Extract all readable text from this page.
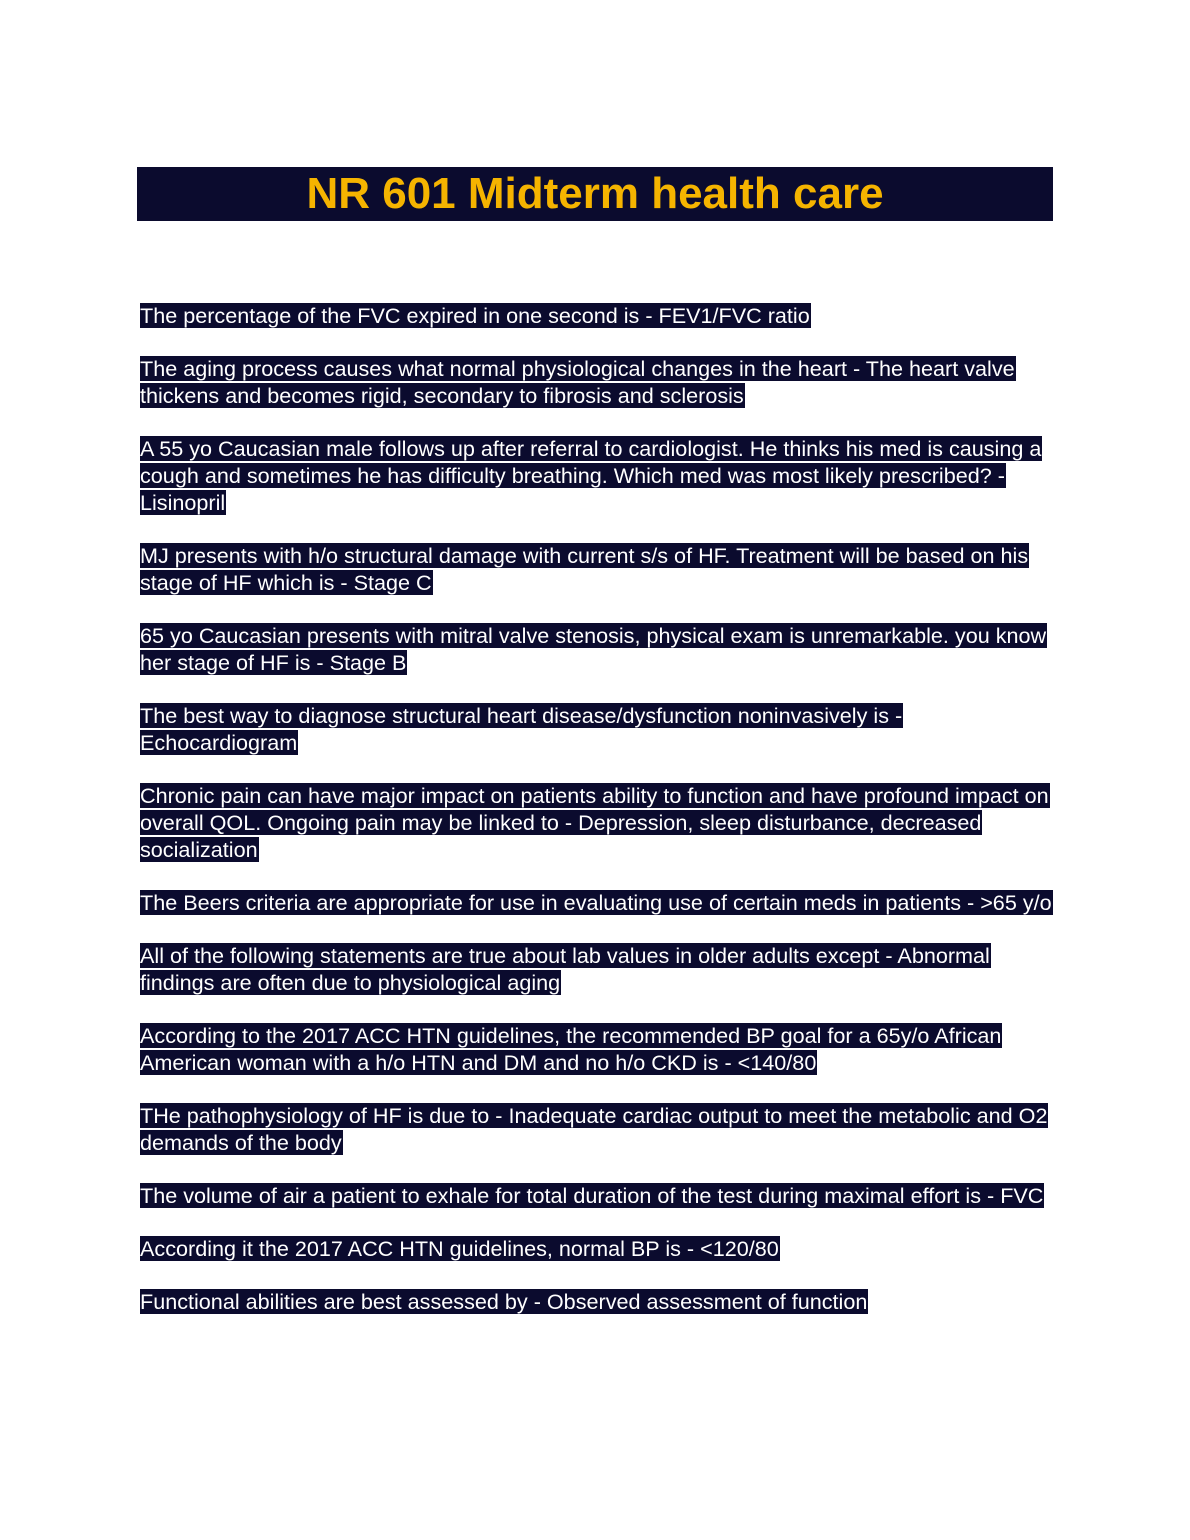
NR 601 Midterm health care

The percentage of the FVC expired in one second is - FEV1/FVC ratio

The aging process causes what normal physiological changes in the heart - The heart valve thickens and becomes rigid, secondary to fibrosis and sclerosis

A 55 yo Caucasian male follows up after referral to cardiologist. He thinks his med is causing a cough and sometimes he has difficulty breathing. Which med was most likely prescribed? - Lisinopril

MJ presents with h/o structural damage with current s/s of HF. Treatment will be based on his stage of HF which is - Stage C

65 yo Caucasian presents with mitral valve stenosis, physical exam is unremarkable. you know her stage of HF is - Stage B

The best way to diagnose structural heart disease/dysfunction noninvasively is - Echocardiogram

Chronic pain can have major impact on patients ability to function and have profound impact on overall QOL. Ongoing pain may be linked to - Depression, sleep disturbance, decreased socialization

The Beers criteria are appropriate for use in evaluating use of certain meds in patients - >65 y/o

All of the following statements are true about lab values in older adults except - Abnormal findings are often due to physiological aging

According to the 2017 ACC HTN guidelines, the recommended BP goal for a 65y/o African American woman with a h/o HTN and DM and no h/o CKD is - <140/80

THe pathophysiology of HF is due to - Inadequate cardiac output to meet the metabolic and O2 demands of the body

The volume of air a patient to exhale for total duration of the test during maximal effort is - FVC

According it the 2017 ACC HTN guidelines, normal BP is - <120/80

Functional abilities are best assessed by - Observed assessment of function
